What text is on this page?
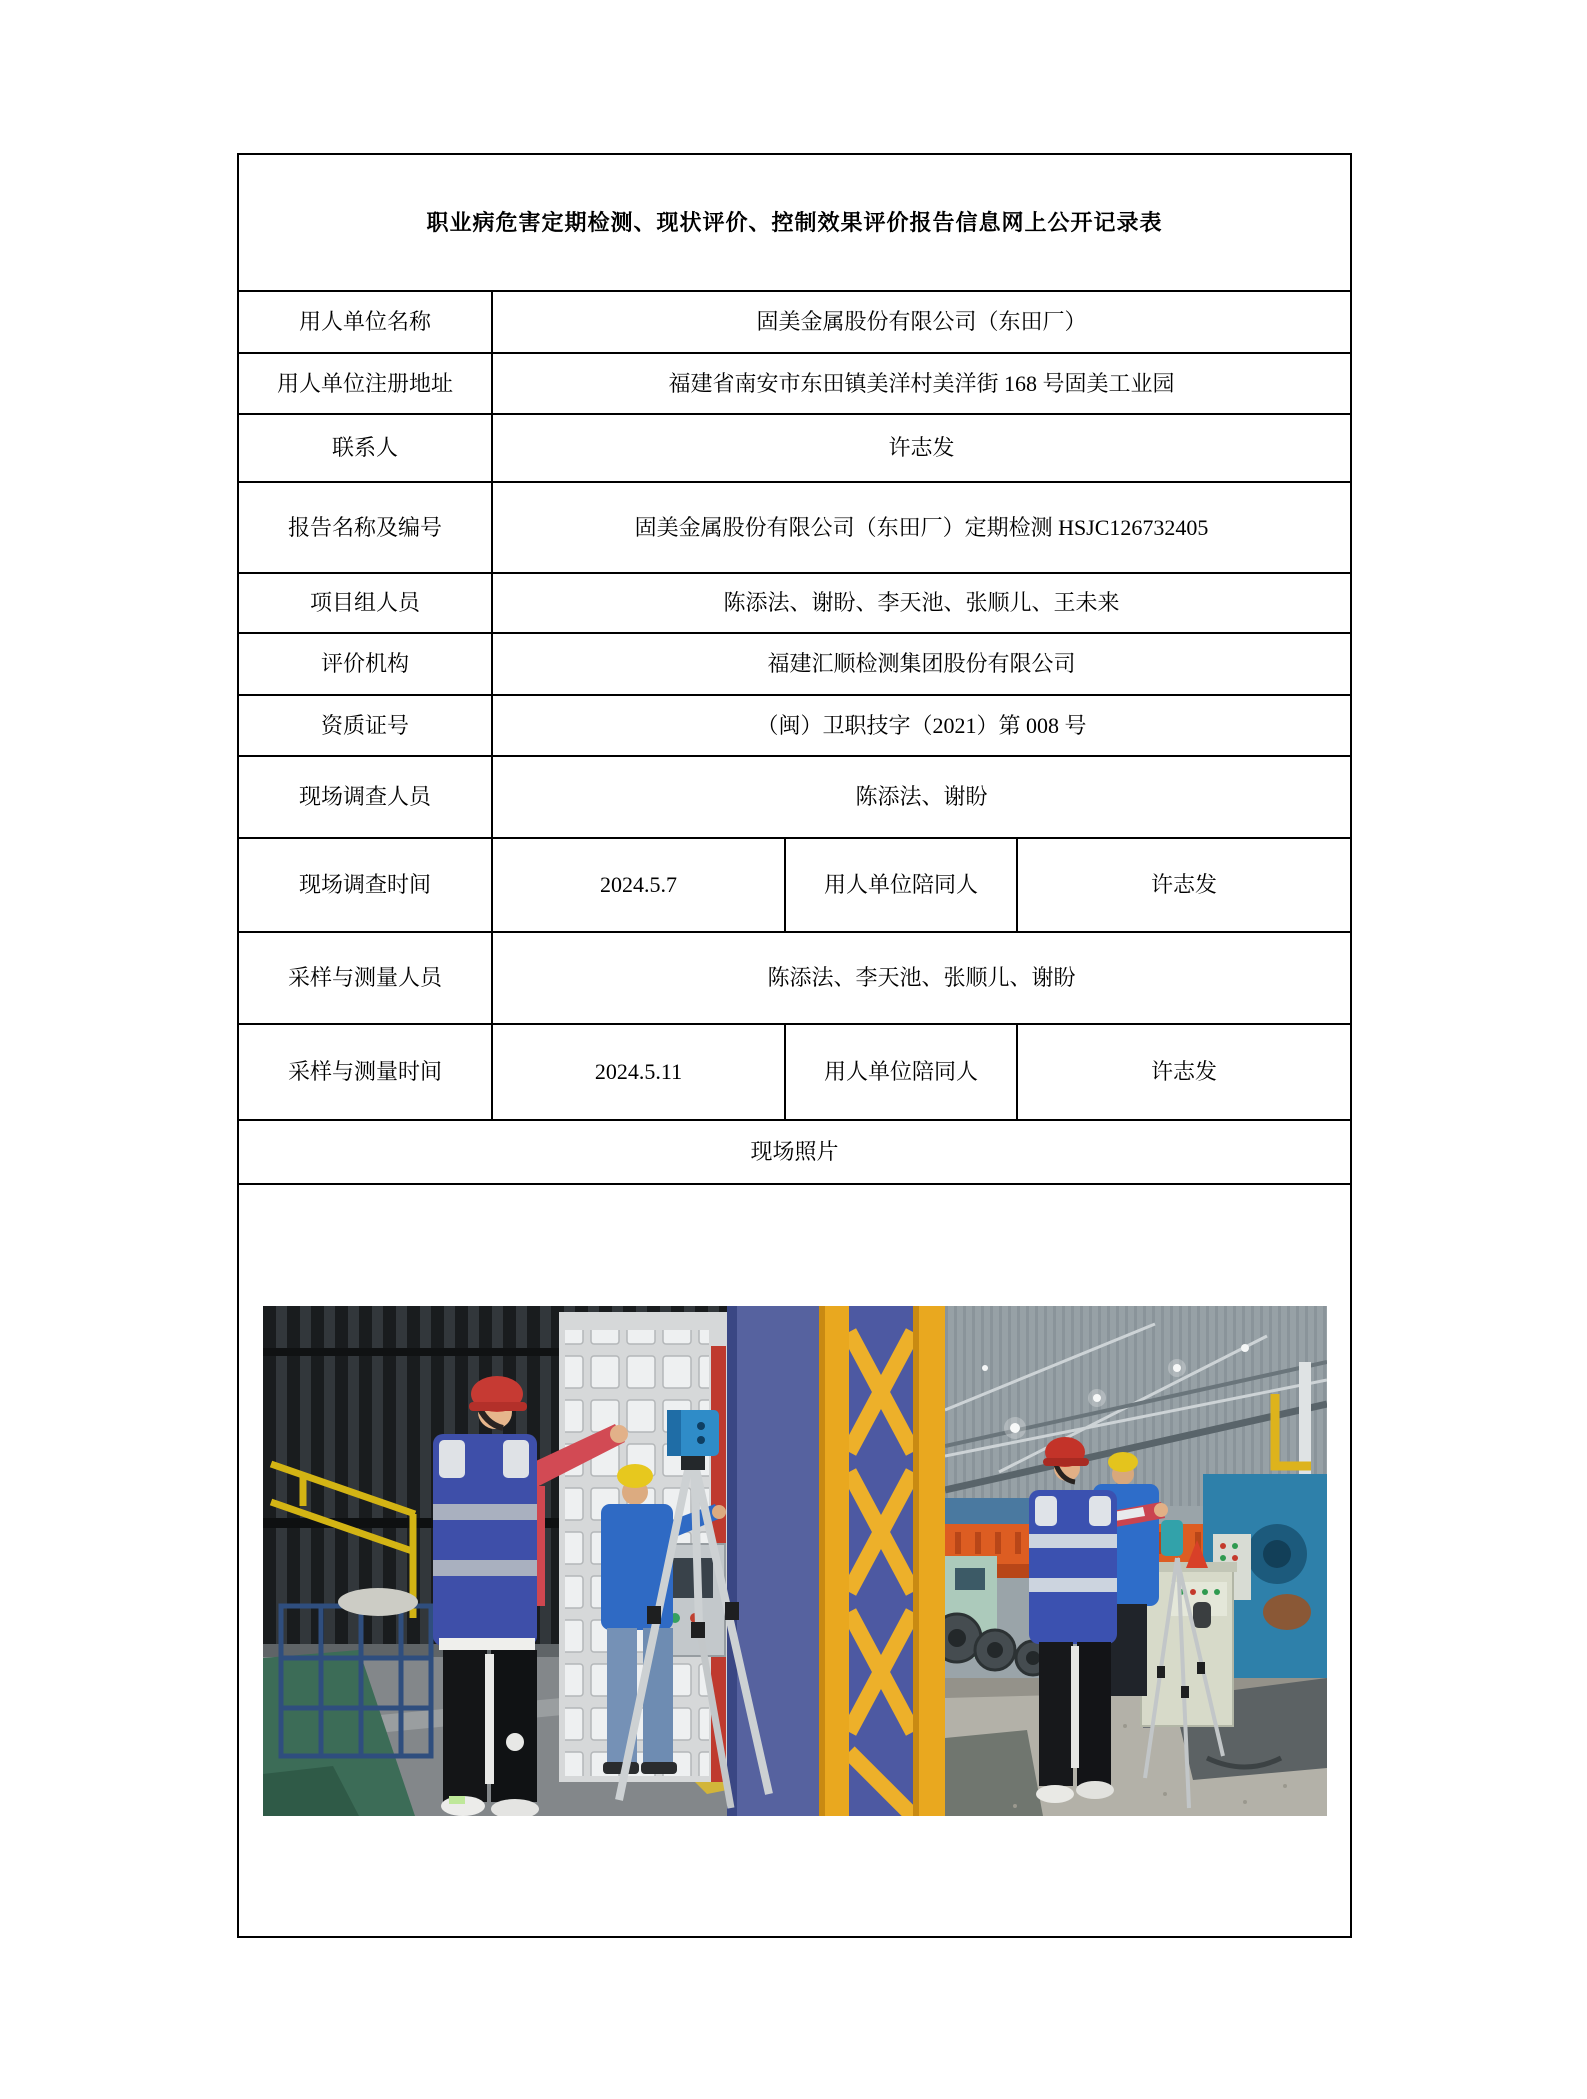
职业病危害定期检测、现状评价、控制效果评价报告信息网上公开记录表			
用人单位名称	固美金属股份有限公司（东田厂）		
用人单位注册地址	福建省南安市东田镇美洋村美洋街 168 号固美工业园		
联系人	许志发		
报告名称及编号	固美金属股份有限公司（东田厂）定期检测 HSJC126732405		
项目组人员	陈添法、谢盼、李天池、张顺儿、王未来		
评价机构	福建汇顺检测集团股份有限公司		
资质证号	（闽）卫职技字（2021）第 008 号		
现场调查人员	陈添法、谢盼		
现场调查时间	2024.5.7	用人单位陪同人	许志发
采样与测量人员	陈添法、李天池、张顺儿、谢盼		
采样与测量时间	2024.5.11	用人单位陪同人	许志发
现场照片			
